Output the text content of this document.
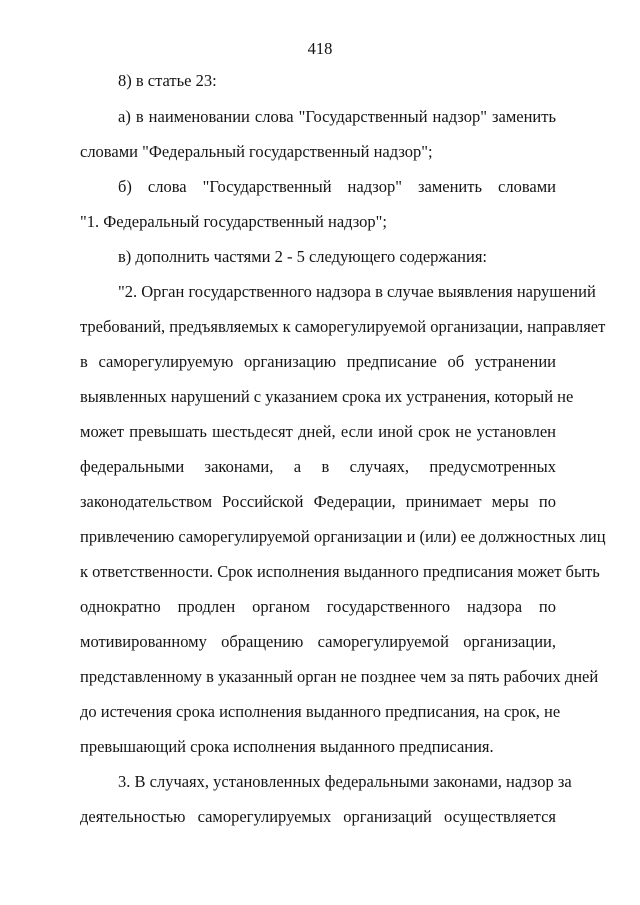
418
8) в статье 23:
а) в наименовании слова "Государственный надзор" заменить
словами "Федеральный государственный надзор";
б) слова "Государственный надзор" заменить словами
"1. Федеральный государственный надзор";
в) дополнить частями 2 - 5 следующего содержания:
"2. Орган государственного надзора в случае выявления нарушений
требований, предъявляемых к саморегулируемой организации, направляет
в саморегулируемую организацию предписание об устранении
выявленных нарушений с указанием срока их устранения, который не
может превышать шестьдесят дней, если иной срок не установлен
федеральными законами, а в случаях, предусмотренных
законодательством Российской Федерации, принимает меры по
привлечению саморегулируемой организации и (или) ее должностных лиц
к ответственности. Срок исполнения выданного предписания может быть
однократно продлен органом государственного надзора по
мотивированному обращению саморегулируемой организации,
представленному в указанный орган не позднее чем за пять рабочих дней
до истечения срока исполнения выданного предписания, на срок, не
превышающий срока исполнения выданного предписания.
3. В случаях, установленных федеральными законами, надзор за
деятельностью саморегулируемых организаций осуществляется
